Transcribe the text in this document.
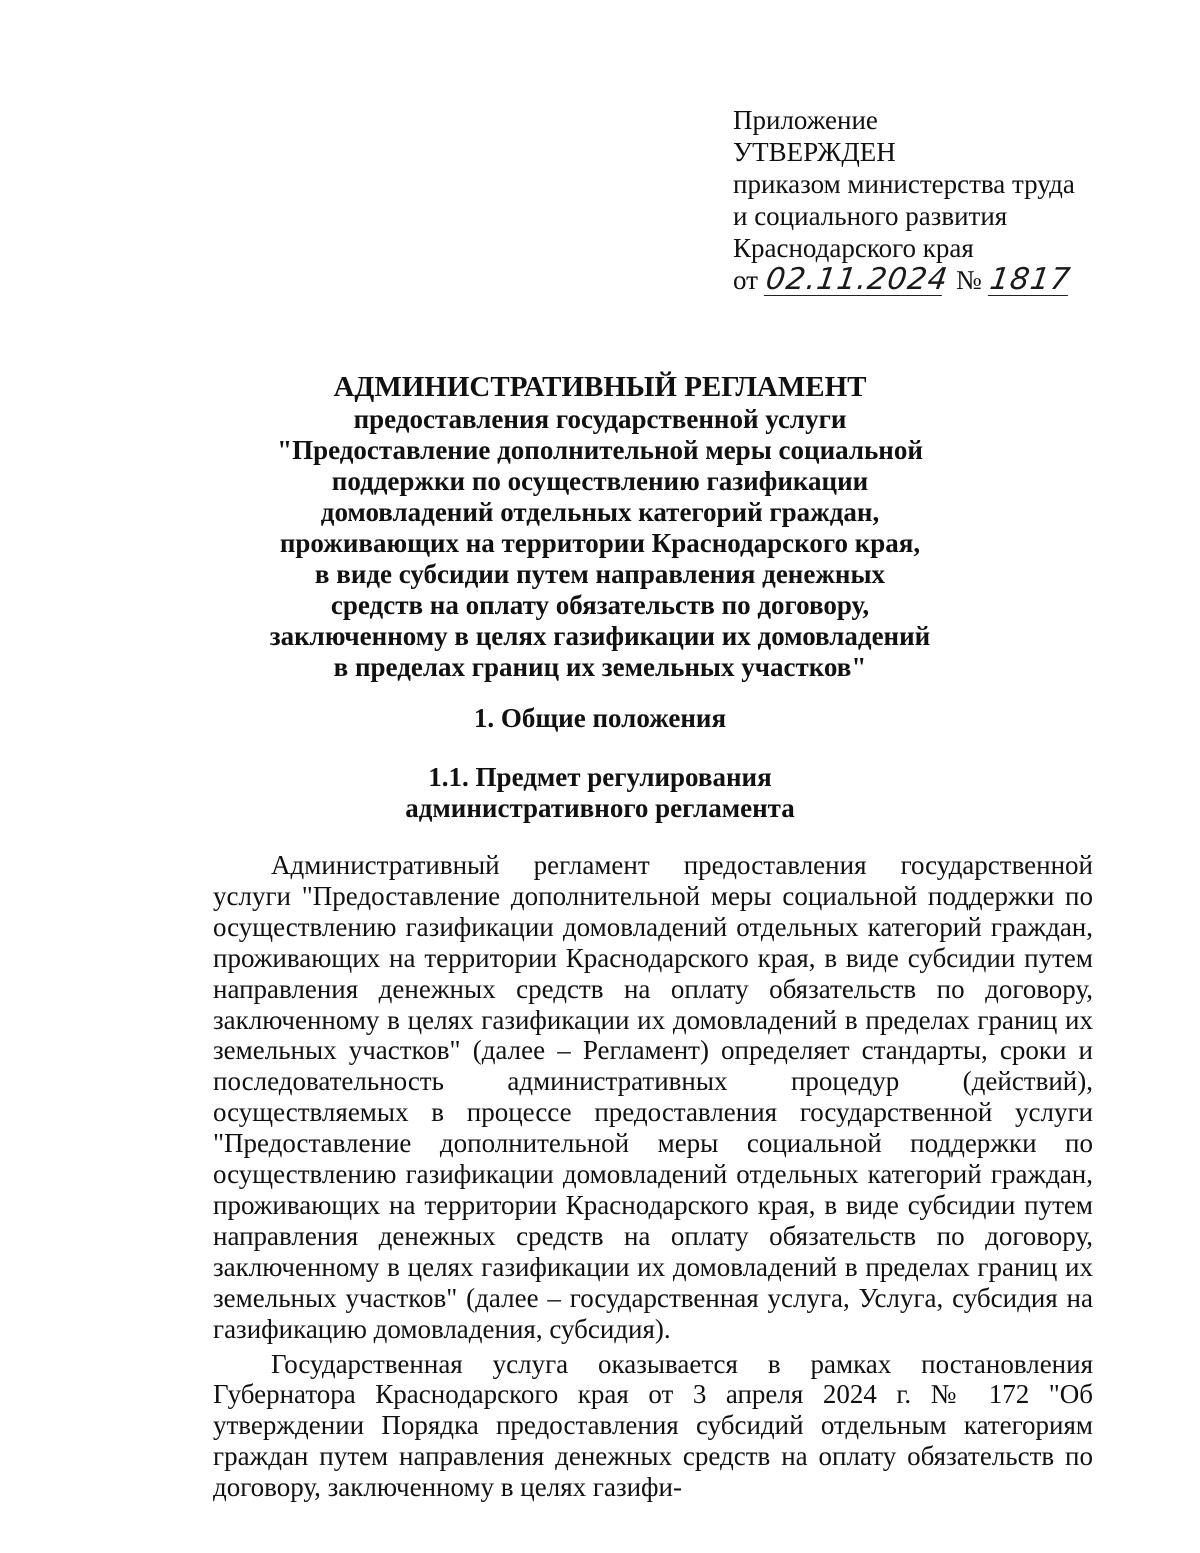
Приложение

УТВЕРЖДЕН

приказом министерства труда

и социального развития

Краснодарского края

от 02.11.2024 № 1817

АДМИНИСТРАТИВНЫЙ РЕГЛАМЕНТ

предоставления государственной услуги

"Предоставление дополнительной меры социальной

поддержки по осуществлению газификации

домовладений отдельных категорий граждан,

проживающих на территории Краснодарского края,

в виде субсидии путем направления денежных

средств на оплату обязательств по договору,

заключенному в целях газификации их домовладений

в пределах границ их земельных участков"

1. Общие положения

1.1. Предмет регулирования
административного регламента

Административный регламент предоставления государственной услуги "Предоставление дополнительной меры социальной поддержки по осуществлению газификации домовладений отдельных категорий граждан, проживающих на территории Краснодарского края, в виде субсидии путем направления денежных средств на оплату обязательств по договору, заключенному в целях газификации их домовладений в пределах границ их земельных участков" (далее – Регламент) определяет стандарты, сроки и последовательность административных процедур (действий), осуществляемых в процессе предоставления государственной услуги "Предоставление дополнительной меры социальной поддержки по осуществлению газификации домовладений отдельных категорий граждан, проживающих на территории Краснодарского края, в виде субсидии путем направления денежных средств на оплату обязательств по договору, заключенному в целях газификации их домовладений в пределах границ их земельных участков" (далее – государственная услуга, Услуга, субсидия на газификацию домовладения, субсидия).

Государственная услуга оказывается в рамках постановления Губернатора Краснодарского края от 3 апреля 2024 г. № 172 "Об утверждении Порядка предоставления субсидий отдельным категориям граждан путем направления денежных средств на оплату обязательств по договору, заключенному в целях газифи-
